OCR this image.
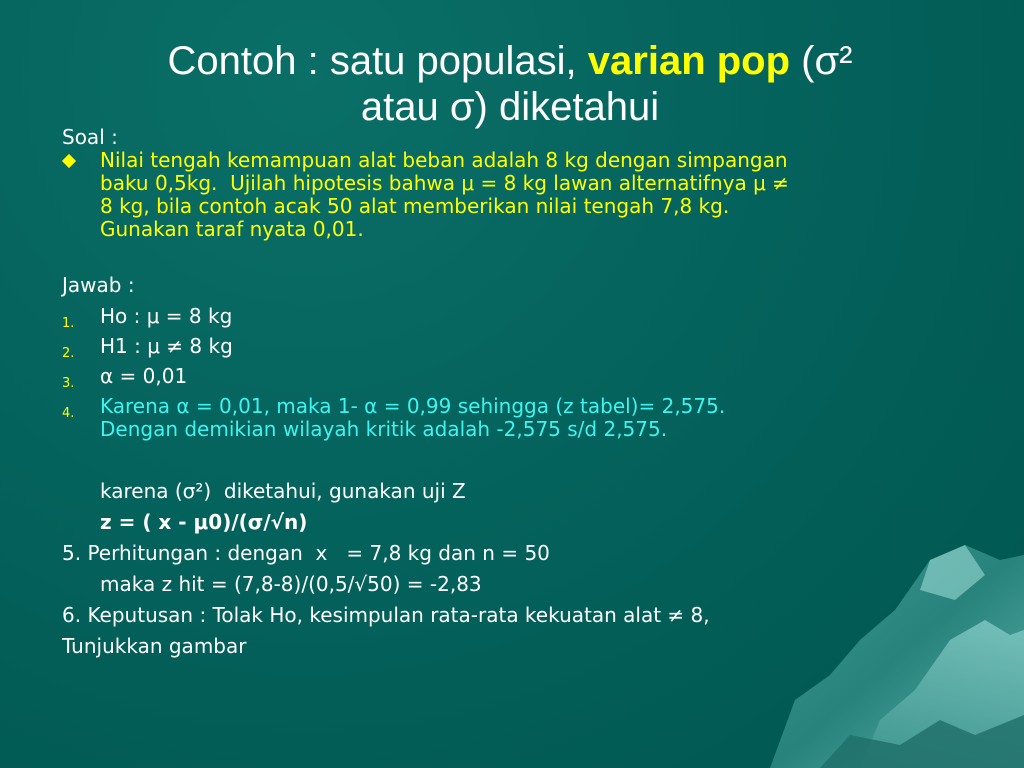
Contoh : satu populasi, varian pop (σ²
atau σ) diketahui

Soal :

Nilai tengah kemampuan alat beban adalah 8 kg dengan simpangan

baku 0,5kg.  Ujilah hipotesis bahwa μ = 8 kg lawan alternatifnya μ ≠

8 kg, bila contoh acak 50 alat memberikan nilai tengah 7,8 kg.

Gunakan taraf nyata 0,01.

Jawab :

1. Ho : μ = 8 kg

2. H1 : μ ≠ 8 kg

3. α = 0,01

4. Karena α = 0,01, maka 1- α = 0,99 sehingga (z tabel)= 2,575.

Dengan demikian wilayah kritik adalah -2,575 s/d 2,575.

karena (σ²)  diketahui, gunakan uji Z

z = ( x - μ0)/(σ/√n)

5. Perhitungan : dengan  x   = 7,8 kg dan n = 50

maka z hit = (7,8-8)/(0,5/√50) = -2,83

6. Keputusan : Tolak Ho, kesimpulan rata-rata kekuatan alat ≠ 8,

Tunjukkan gambar
